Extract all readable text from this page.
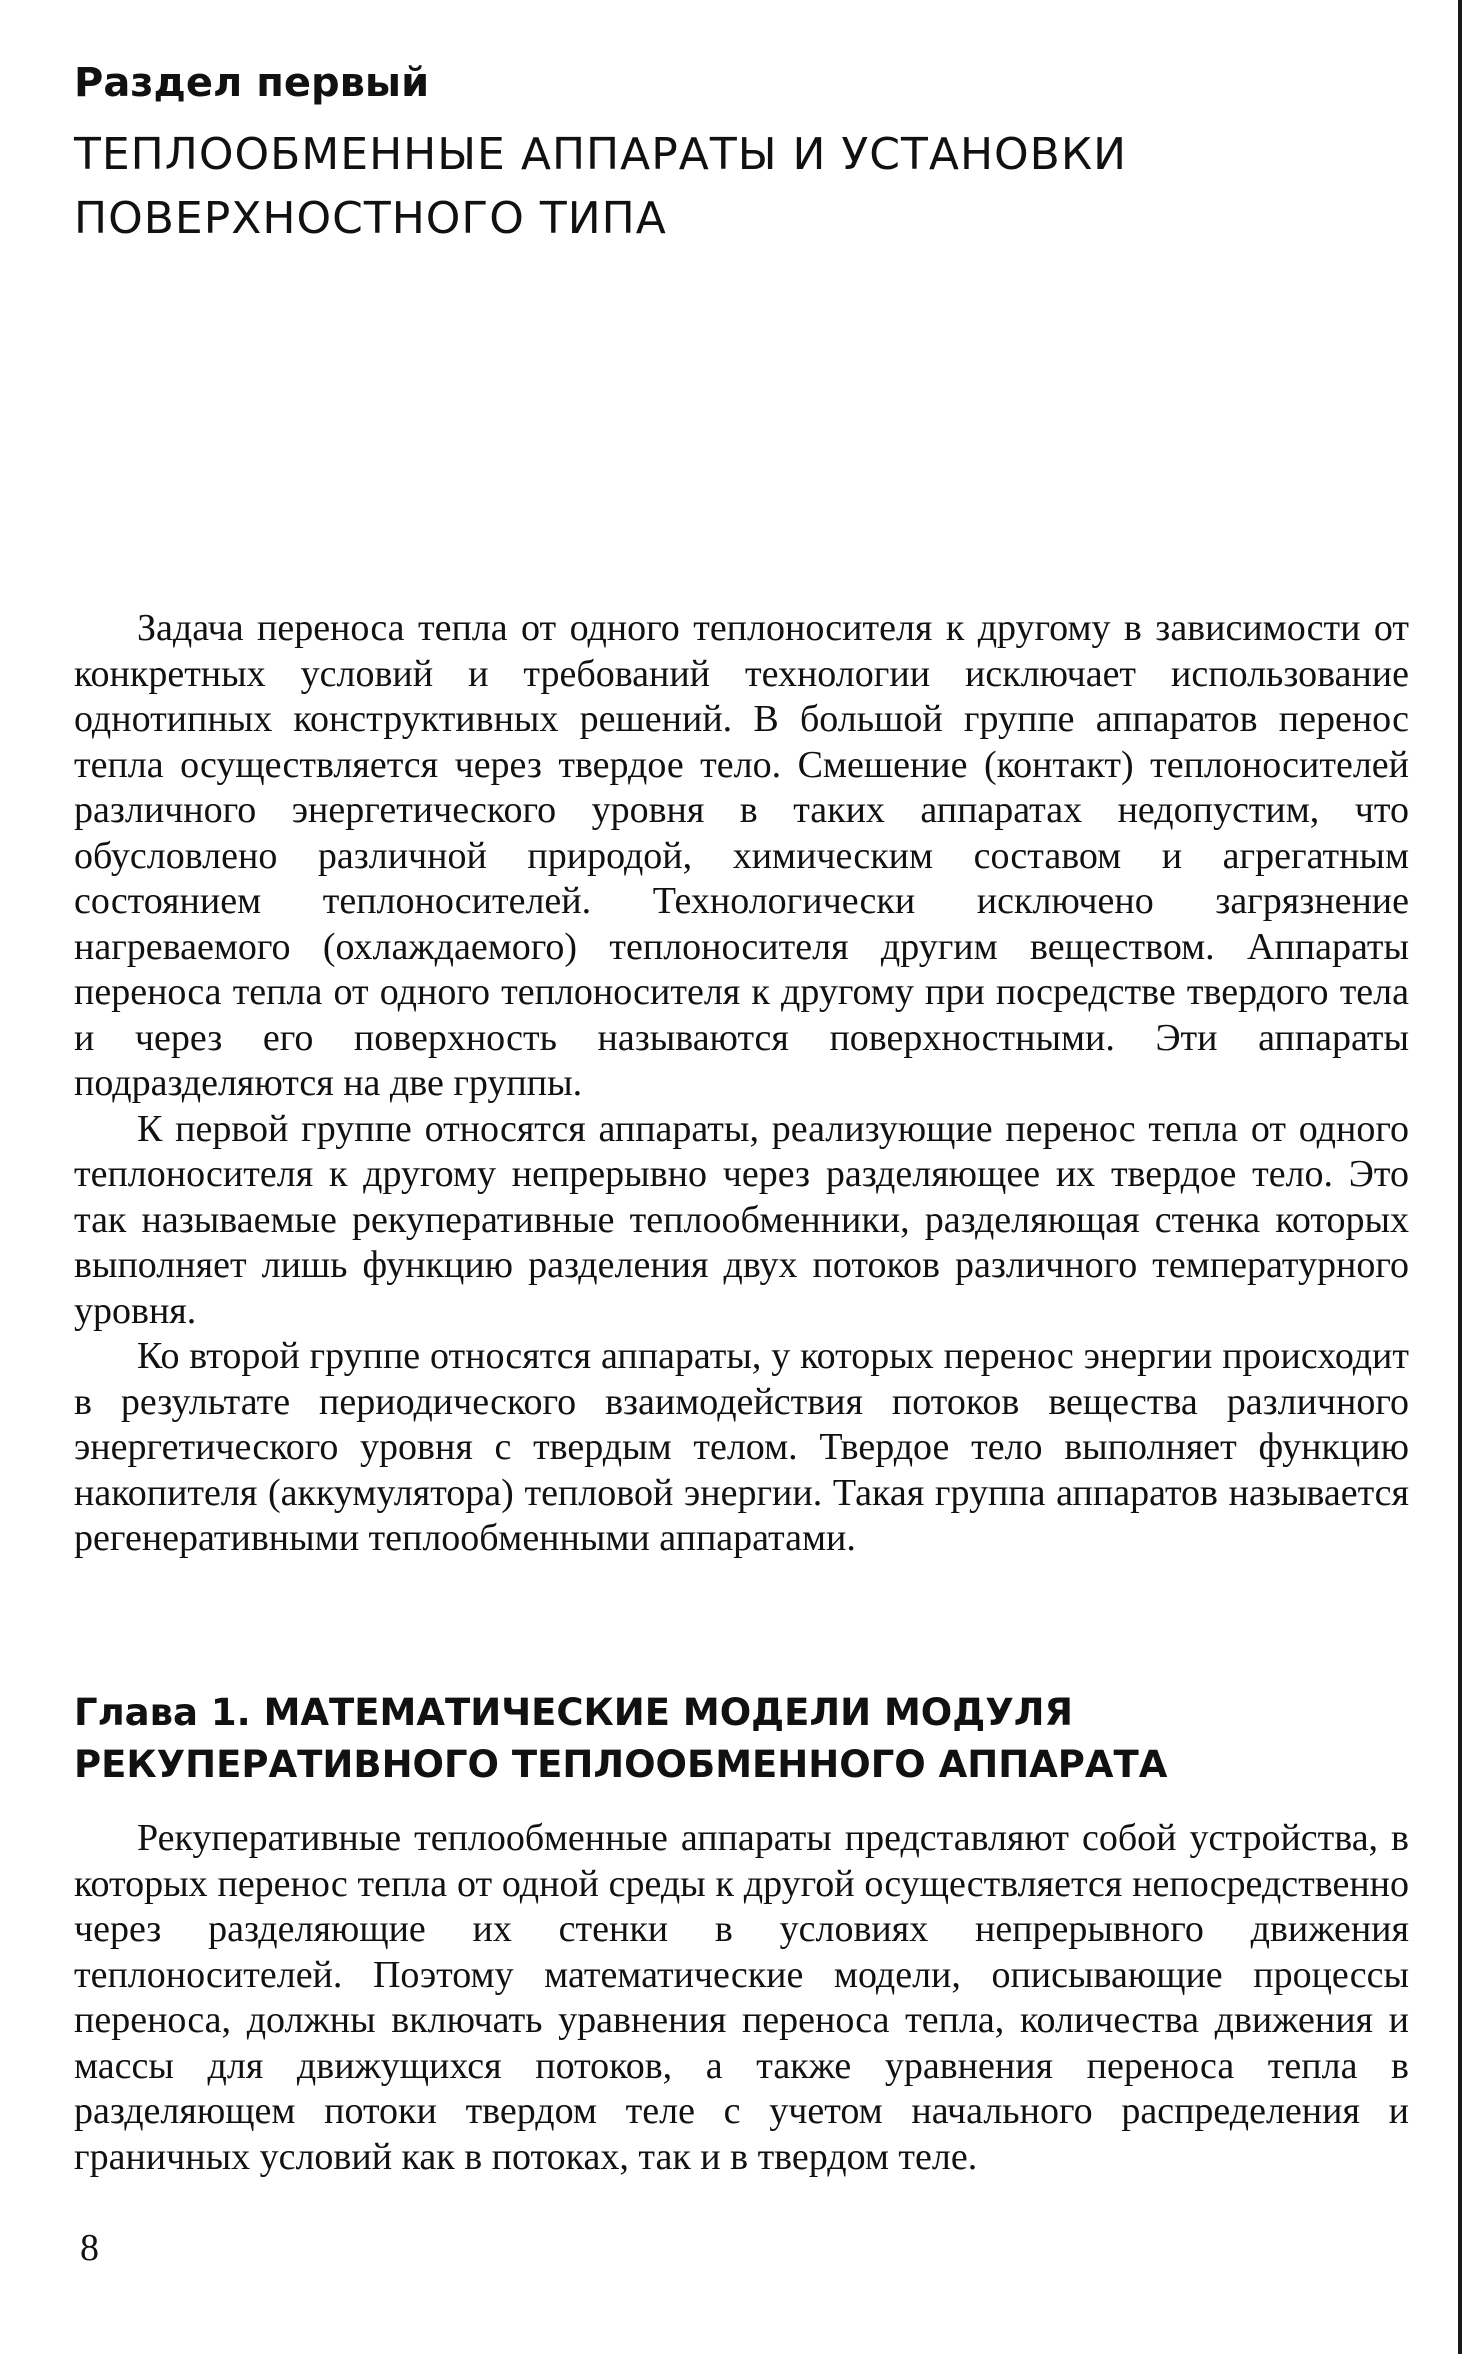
Раздел первый
ТЕПЛООБМЕННЫЕ АППАРАТЫ И УСТАНОВКИ
ПОВЕРХНОСТНОГО ТИПА

Задача переноса тепла от одного теплоносителя к другому в зависимости от конкретных условий и требований технологии исключает использование однотипных конструктивных решений. В большой группе аппаратов перенос тепла осуществляется через твердое тело. Смешение (контакт) теплоносителей различного энергетического уровня в таких аппаратах недопустим, что обусловлено различной природой, химическим составом и агрегатным состоянием теплоносителей. Технологически исключено загрязнение нагреваемого (охлаждаемого) теплоносителя другим веществом. Аппараты переноса тепла от одного теплоносителя к другому при посредстве твердого тела и через его поверхность называются поверхностными. Эти аппараты подразделяются на две группы.

К первой группе относятся аппараты, реализующие перенос тепла от одного теплоносителя к другому непрерывно через разделяющее их твердое тело. Это так называемые рекуперативные теплообменники, разделяющая стенка которых выполняет лишь функцию разделения двух потоков различного температурного уровня.

Ко второй группе относятся аппараты, у которых перенос энергии происходит в результате периодического взаимодействия потоков вещества различного энергетического уровня с твердым телом. Твердое тело выполняет функцию накопителя (аккумулятора) тепловой энергии. Такая группа аппаратов называется регенеративными теплообменными аппаратами.

Глава 1. МАТЕМАТИЧЕСКИЕ МОДЕЛИ МОДУЛЯ
РЕКУПЕРАТИВНОГО ТЕПЛООБМЕННОГО АППАРАТА

Рекуперативные теплообменные аппараты представляют собой устройства, в которых перенос тепла от одной среды к другой осуществляется непосредственно через разделяющие их стенки в условиях непрерывного движения теплоносителей. Поэтому математические модели, описывающие процессы переноса, должны включать уравнения переноса тепла, количества движения и массы для движущихся потоков, а также уравнения переноса тепла в разделяющем потоки твердом теле с учетом начального распределения и граничных условий как в потоках, так и в твердом теле.

8
